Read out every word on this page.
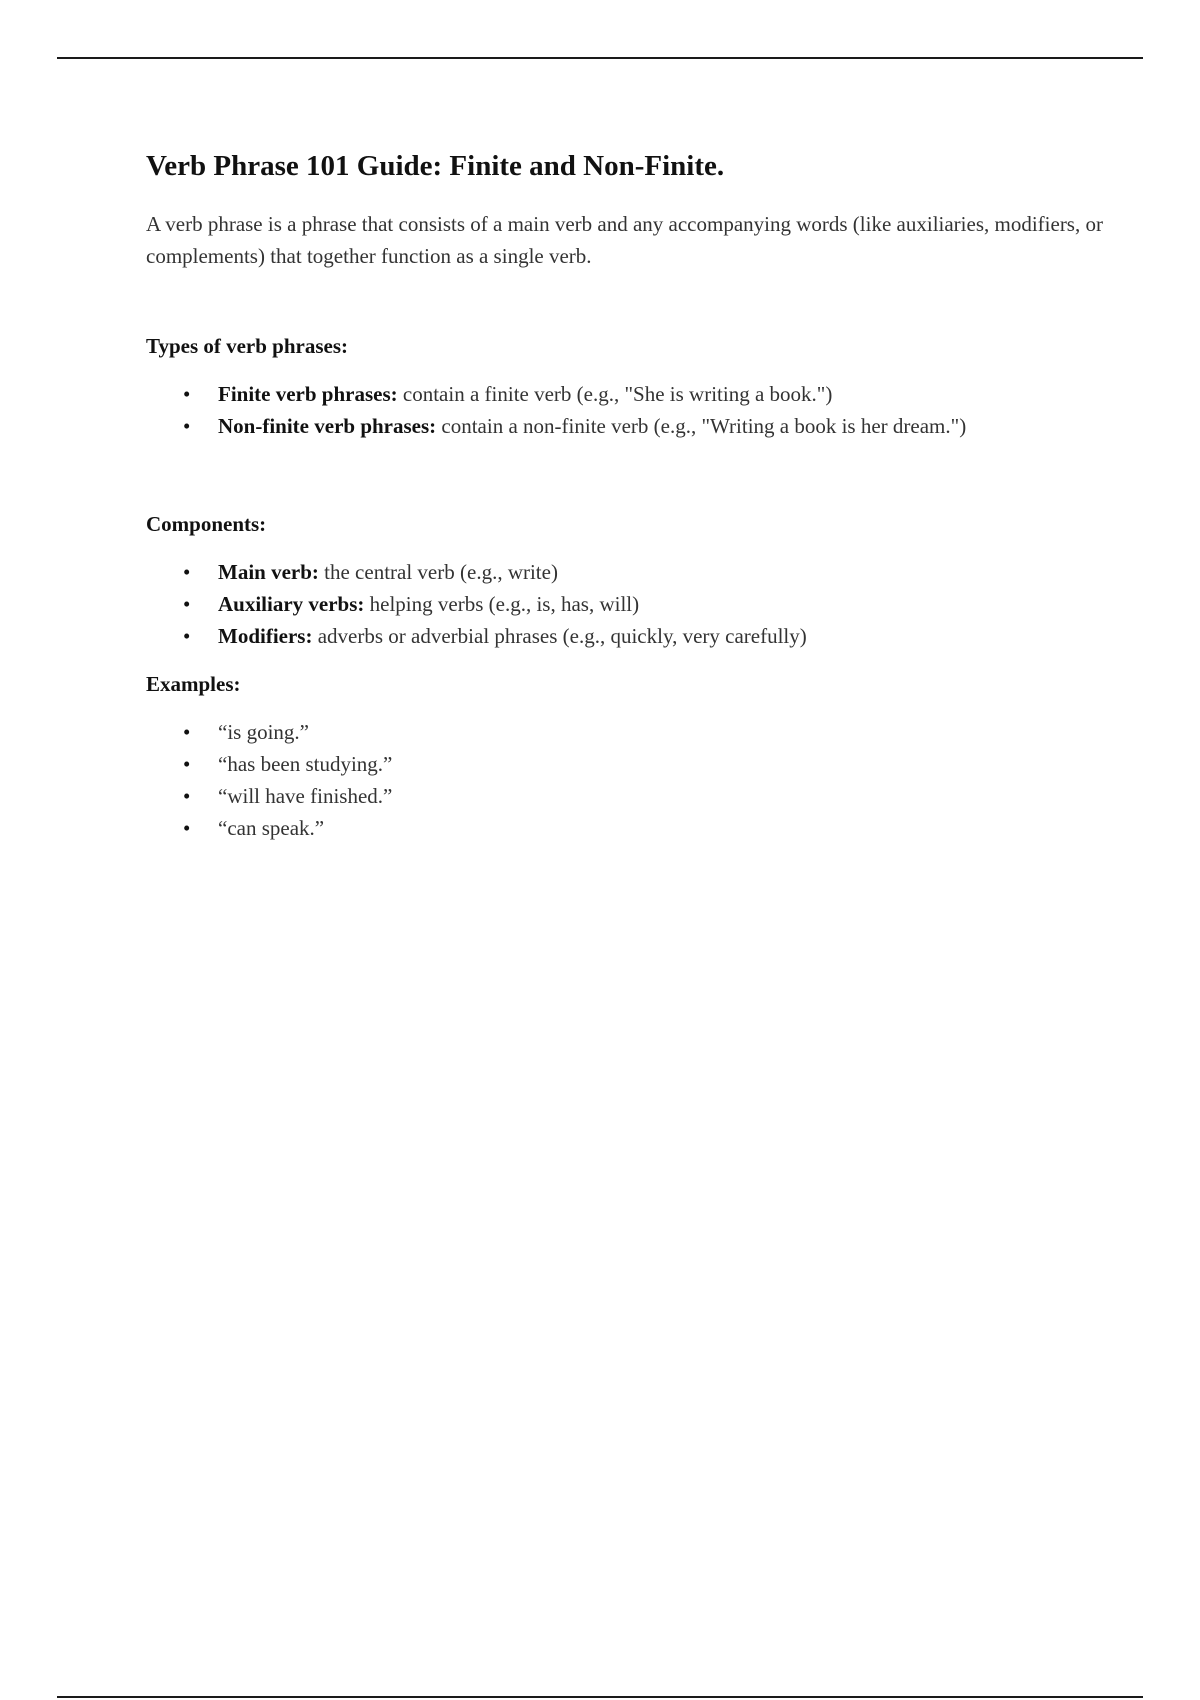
Verb Phrase 101 Guide: Finite and Non-Finite.

A verb phrase is a phrase that consists of a main verb and any accompanying words (like auxiliaries, modifiers, or complements) that together function as a single verb.

Types of verb phrases:

• Finite verb phrases: contain a finite verb (e.g., "She is writing a book.")
• Non-finite verb phrases: contain a non-finite verb (e.g., "Writing a book is her dream.")

Components:

• Main verb: the central verb (e.g., write)
• Auxiliary verbs: helping verbs (e.g., is, has, will)
• Modifiers: adverbs or adverbial phrases (e.g., quickly, very carefully)

Examples:

• “is going.”
• “has been studying.”
• “will have finished.”
• “can speak.”
